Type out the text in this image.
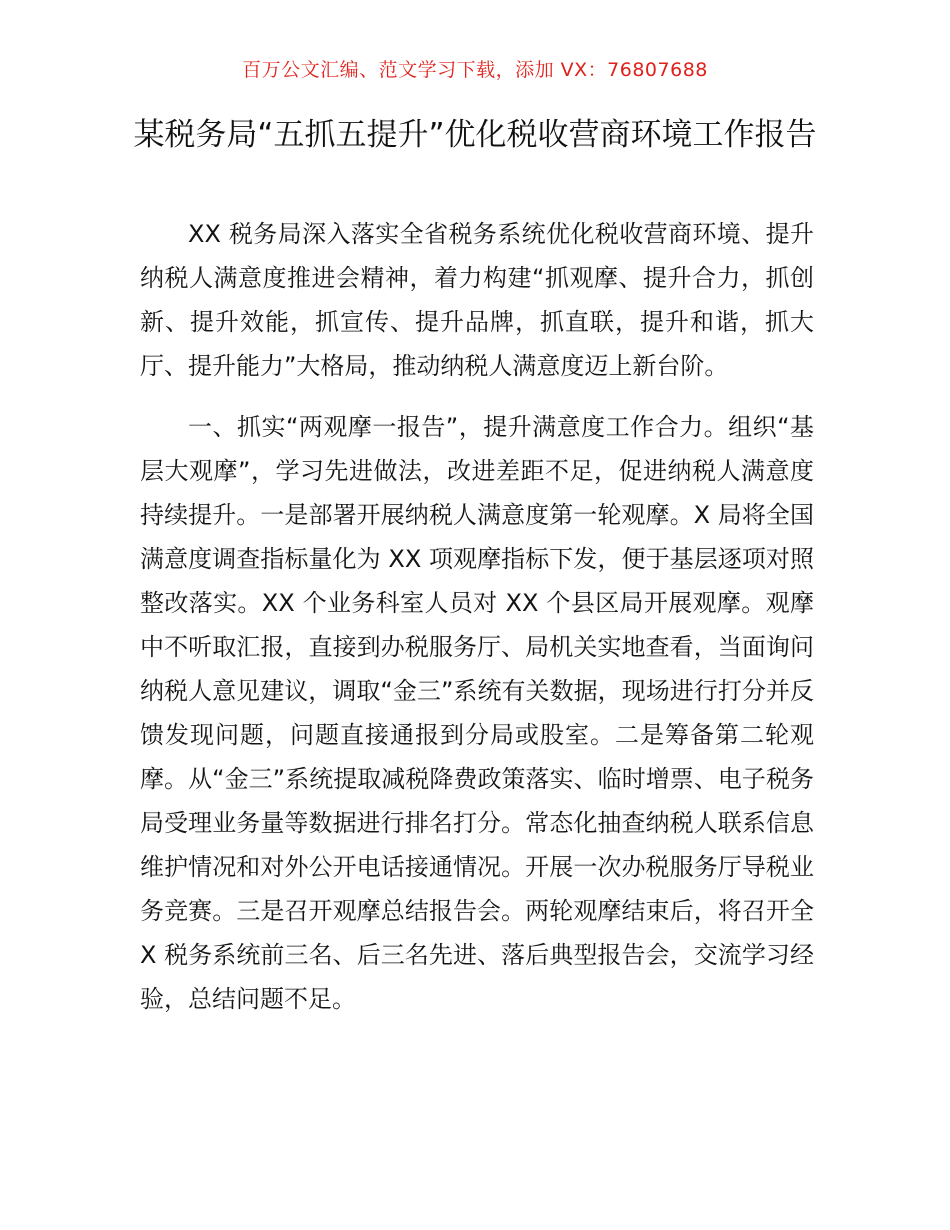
百万公文汇编、范文学习下载，添加 VX：76807688
某税务局“五抓五提升”优化税收营商环境工作报告

XX 税务局深入落实全省税务系统优化税收营商环境、提升纳税人满意度推进会精神，着力构建“抓观摩、提升合力，抓创新、提升效能，抓宣传、提升品牌，抓直联，提升和谐，抓大厅、提升能力”大格局，推动纳税人满意度迈上新台阶。

一、抓实“两观摩一报告”，提升满意度工作合力。组织“基层大观摩”，学习先进做法，改进差距不足，促进纳税人满意度持续提升。一是部署开展纳税人满意度第一轮观摩。X 局将全国满意度调查指标量化为 XX 项观摩指标下发，便于基层逐项对照整改落实。XX 个业务科室人员对 XX 个县区局开展观摩。观摩中不听取汇报，直接到办税服务厅、局机关实地查看，当面询问纳税人意见建议，调取“金三”系统有关数据，现场进行打分并反馈发现问题，问题直接通报到分局或股室。二是筹备第二轮观摩。从“金三”系统提取减税降费政策落实、临时增票、电子税务局受理业务量等数据进行排名打分。常态化抽查纳税人联系信息维护情况和对外公开电话接通情况。开展一次办税服务厅导税业务竞赛。三是召开观摩总结报告会。两轮观摩结束后，将召开全 X 税务系统前三名、后三名先进、落后典型报告会，交流学习经验，总结问题不足。
